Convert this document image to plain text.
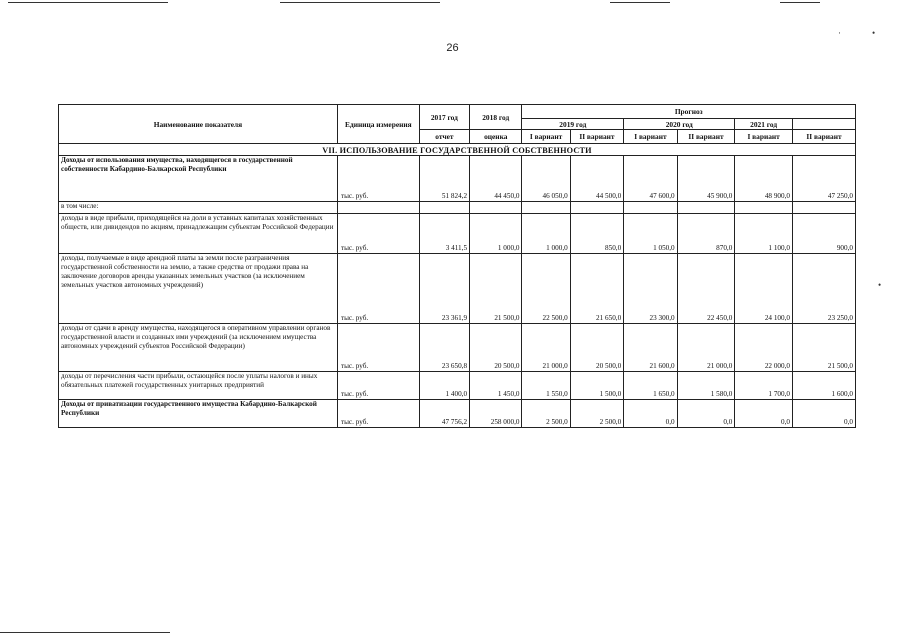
·	•
•
26
Наименование показателя	Единица измерения	2017 год	2018 год	Прогноз					
				2019 год		2020 год		2021 год	
		отчет	оценка	I вариант	II вариант	I вариант	II вариант	I вариант	II вариант
VII. ИСПОЛЬЗОВАНИЕ ГОСУДАРСТВЕННОЙ СОБСТВЕННОСТИ									
Доходы от использования имущества, находящегося в государственной собственности Кабардино-Балкарской Республики	тыс. руб.	51 824,2	44 450,0	46 050,0	44 500,0	47 600,0	45 900,0	48 900,0	47 250,0
в том числе:									
доходы в виде прибыли, приходящейся на доли в уставных капиталах хозяйственных обществ, или дивидендов по акциям, принадлежащим субъектам Российской Федерации	тыс. руб.	3 411,5	1 000,0	1 000,0	850,0	1 050,0	870,0	1 100,0	900,0
доходы, получаемые в виде арендной платы за земли после разграничения государственной собственности на землю, а также средства от продажи права на заключение договоров аренды указанных земельных участков (за исключением земельных участков автономных учреждений)	тыс. руб.	23 361,9	21 500,0	22 500,0	21 650,0	23 300,0	22 450,0	24 100,0	23 250,0
доходы от сдачи в аренду имущества, находящегося в оперативном управлении органов государственной власти и созданных ими учреждений (за исключением имущества автономных учреждений субъектов Российской Федерации)	тыс. руб.	23 650,8	20 500,0	21 000,0	20 500,0	21 600,0	21 000,0	22 000,0	21 500,0
доходы от перечисления части прибыли, остающейся после уплаты налогов и иных обязательных платежей государственных унитарных предприятий	тыс. руб.	1 400,0	1 450,0	1 550,0	1 500,0	1 650,0	1 580,0	1 700,0	1 600,0
Доходы от приватизации государственного имущества Кабардино-Балкарской Республики	тыс. руб.	47 756,2	258 000,0	2 500,0	2 500,0	0,0	0,0	0,0	0,0
